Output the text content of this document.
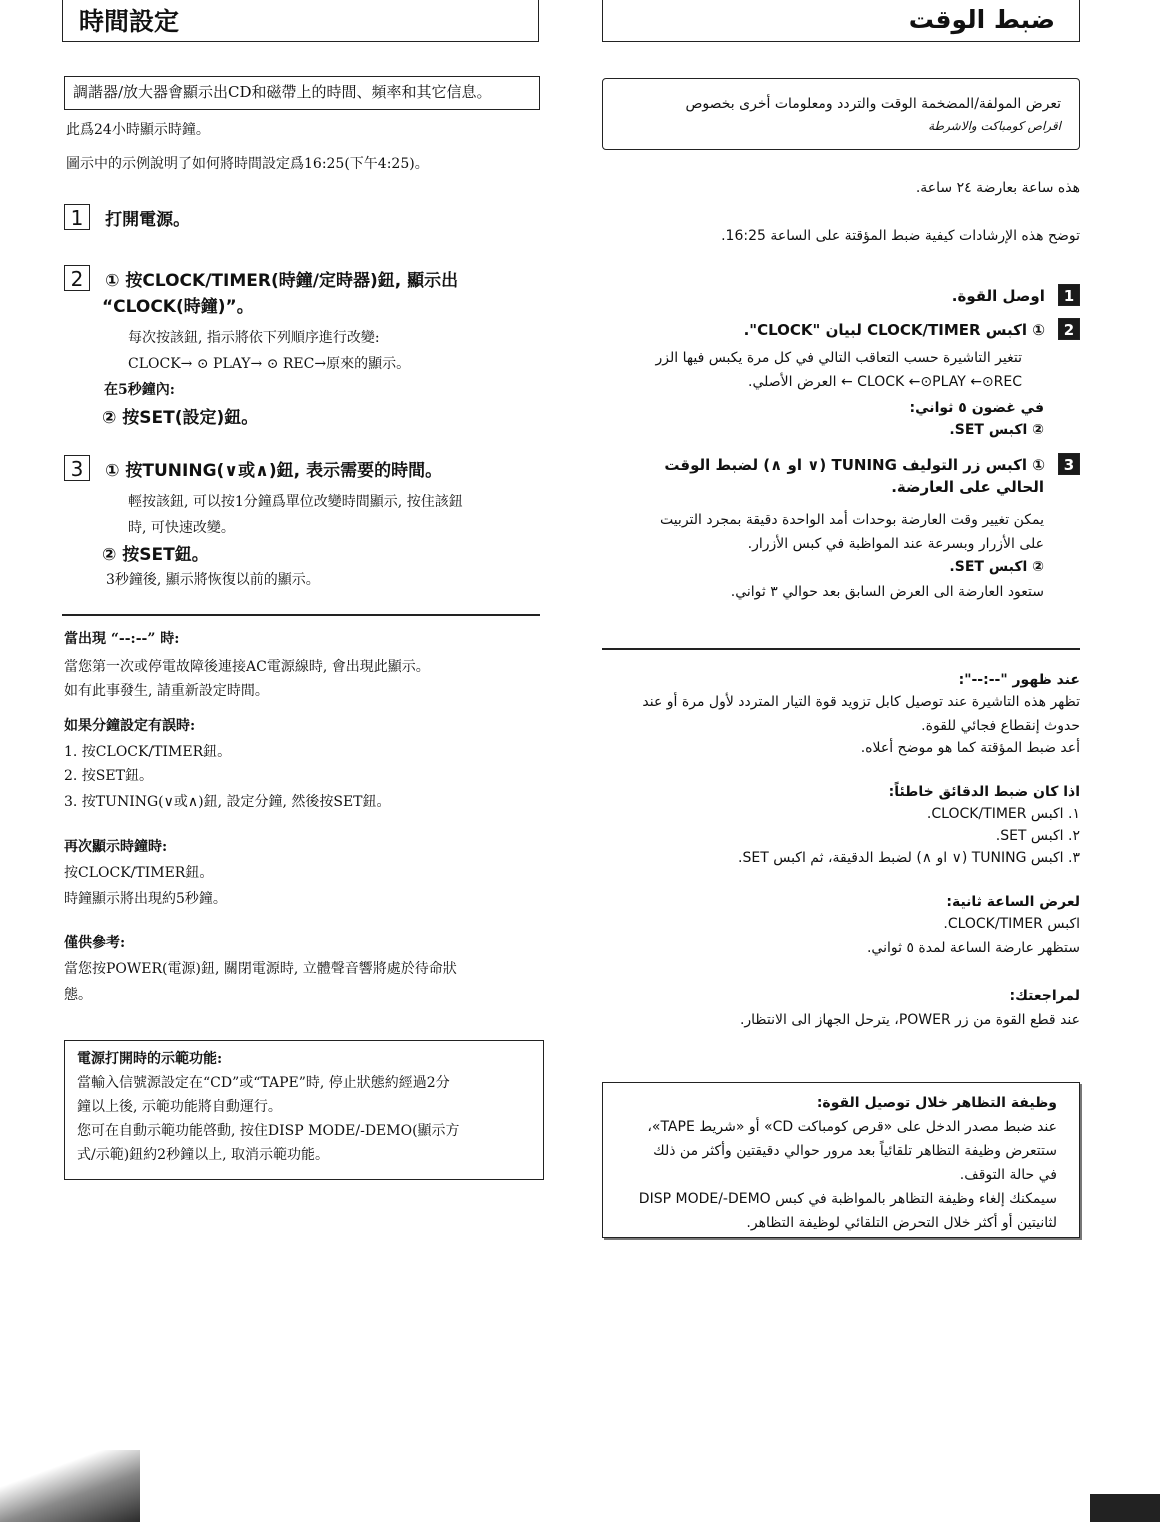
時間設定
調諧器/放大器會顯示出CD和磁帶上的時間、頻率和其它信息。
此爲24小時顯示時鐘。
圖示中的示例說明了如何將時間設定爲16:25(下午4:25)。
1 打開電源。
2 ① 按CLOCK/TIMER(時鐘/定時器)鈕, 顯示出
“CLOCK(時鐘)”。
每次按該鈕, 指示將依下列順序進行改變:
CLOCK→ ⊙ PLAY→ ⊙ REC→原來的顯示。
在5秒鐘內:
② 按SET(設定)鈕。
3 ① 按TUNING(∨或∧)鈕, 表示需要的時間。
輕按該鈕, 可以按1分鐘爲單位改變時間顯示, 按住該鈕
時, 可快速改變。
② 按SET鈕。
3秒鐘後, 顯示將恢復以前的顯示。
當出現 “--:--” 時:
當您第一次或停電故障後連接AC電源線時, 會出現此顯示。
如有此事發生, 請重新設定時間。
如果分鐘設定有誤時:
1. 按CLOCK/TIMER鈕。
2. 按SET鈕。
3. 按TUNING(∨或∧)鈕, 設定分鐘, 然後按SET鈕。
再次顯示時鐘時:
按CLOCK/TIMER鈕。
時鐘顯示將出現約5秒鐘。
僅供參考:
當您按POWER(電源)鈕, 關閉電源時, 立體聲音響將處於待命狀
態。
電源打開時的示範功能:
當輸入信號源設定在“CD”或“TAPE”時, 停止狀態約經過2分
鐘以上後, 示範功能將自動運行。
您可在自動示範功能啓動, 按住DISP MODE/-DEMO(顯示方
式/示範)鈕約2秒鐘以上, 取消示範功能。
ضبط الوقت
تعرض المولفة/المضخمة الوقت والتردد ومعلومات أخرى بخصوص
اقراص كومباكت والاشرطة
هذه ساعة بعارضة ٢٤ ساعة.
توضح هذه الإرشادات كيفية ضبط المؤقتة على الساعة 16:25.
1 اوصل القوة.
2 ① اكبس CLOCK/TIMER لبيان "CLOCK".
تتغير التاشيرة حسب التعاقب التالي في كل مرة يكبس فيها الزر
CLOCK ←⊙PLAY ←⊙REC ← العرض الأصلي.
في غضون ٥ ثواني:
② اكبس SET.
3 ① اكبس زر التوليف TUNING (∨ او ∧) لضبط الوقت
الحالي على العارضة.
يمكن تغيير وقت العارضة بوحدات أمد الواحدة دقيقة بمجرد التربيت
على الأزرار وبسرعة عند المواظبة في كبس الأزرار.
② اكبس SET.
ستعود العارضة الى العرض السابق بعد حوالي ٣ ثواني.
عند ظهور "--:--":
تظهر هذه التاشيرة عند توصيل كابل تزويد قوة التيار المتردد لأول مرة أو عند
حدوث إنقطاع فجائي للقوة.
أعد ضبط المؤقتة كما هو موضح أعلاه.
اذا كان ضبط الدقائق خاطئاً:
١. اكبس CLOCK/TIMER.
٢. اكبس SET.
٣. اكبس TUNING (∨ او ∧) لضبط الدقيقة، ثم اكبس SET.
لعرض الساعة ثانية:
اكبس CLOCK/TIMER.
ستظهر عارضة الساعة لمدة ٥ ثواني.
لمراجعتك:
عند قطع القوة من زر POWER، يترحل الجهاز الى الانتظار.
وظيفة التظاهر خلال توصيل القوة:
عند ضبط مصدر الدخل على «قرص كومباكت CD» أو «شريط TAPE»،
ستتعرض وظيفة التظاهر تلقائياً بعد مرور حوالي دقيقتين وأكثر من ذلك
في حالة التوقف.
سيمكنك إلغاء وظيفة التظاهر بالمواظبة في كبس DISP MODE/-DEMO
لثانيتين أو أكثر خلال التحرض التلقائي لوظيفة التظاهر.
